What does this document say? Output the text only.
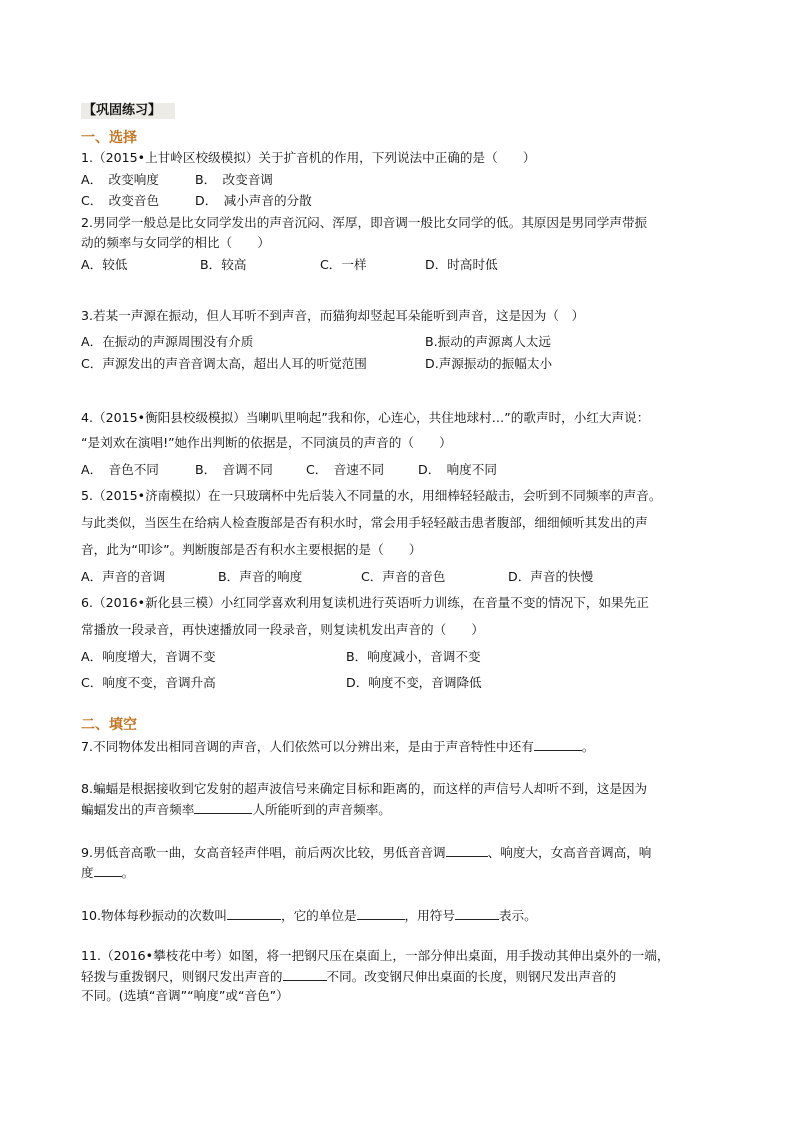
【巩固练习】
一、选择
1.（2015•上甘岭区校级模拟）关于扩音机的作用，下列说法中正确的是（　　）
A．　改变响度	B．　改变音调
C．　改变音色	D．　减小声音的分散
2.男同学一般总是比女同学发出的声音沉闷、浑厚，即音调一般比女同学的低。其原因是男同学声带振
动的频率与女同学的相比（　　）
A．较低	B．较高	C．一样	D．时高时低
3.若某一声源在振动，但人耳听不到声音，而猫狗却竖起耳朵能听到声音，这是因为（　）
A．在振动的声源周围没有介质	B.振动的声源离人太远
C．声源发出的声音音调太高，超出人耳的听觉范围	D.声源振动的振幅太小
4.（2015•衡阳县校级模拟）当喇叭里响起”我和你，心连心，共住地球村…”的歌声时，小红大声说：
“是刘欢在演唱!”她作出判断的依据是，不同演员的声音的（　　）
A．　音色不同	B．　音调不同	C．　音速不同	D．　响度不同
5.（2015•济南模拟）在一只玻璃杯中先后装入不同量的水，用细棒轻轻敲击，会听到不同频率的声音。
与此类似，当医生在给病人检查腹部是否有积水时，常会用手轻轻敲击患者腹部，细细倾听其发出的声
音，此为“叩诊”。判断腹部是否有积水主要根据的是（　　）
A．声音的音调	B．声音的响度	C．声音的音色	D．声音的快慢
6.（2016•新化县三模）小红同学喜欢利用复读机进行英语听力训练，在音量不变的情况下，如果先正
常播放一段录音，再快速播放同一段录音，则复读机发出声音的（　　）
A．响度增大，音调不变	B．响度减小，音调不变
C．响度不变，音调升高	D．响度不变，音调降低
二、填空
7.不同物体发出相同音调的声音，人们依然可以分辨出来，是由于声音特性中还有	。
8.蝙蝠是根据接收到它发射的超声波信号来确定目标和距离的，而这样的声信号人却听不到，这是因为
蝙蝠发出的声音频率	人所能听到的声音频率。
9.男低音高歌一曲，女高音轻声伴唱，前后两次比较，男低音音调	、响度大，女高音音调高，响
度 。
10.物体每秒振动的次数叫	，它的单位是	，用符号	表示。
11.（2016•攀枝花中考）如图，将一把钢尺压在桌面上，一部分伸出桌面，用手拨动其伸出桌外的一端，
轻拨与重拨钢尺，则钢尺发出声音的	不同。改变钢尺伸出桌面的长度，则钢尺发出声音的
不同。(选填“音调”“响度”或“音色”）
